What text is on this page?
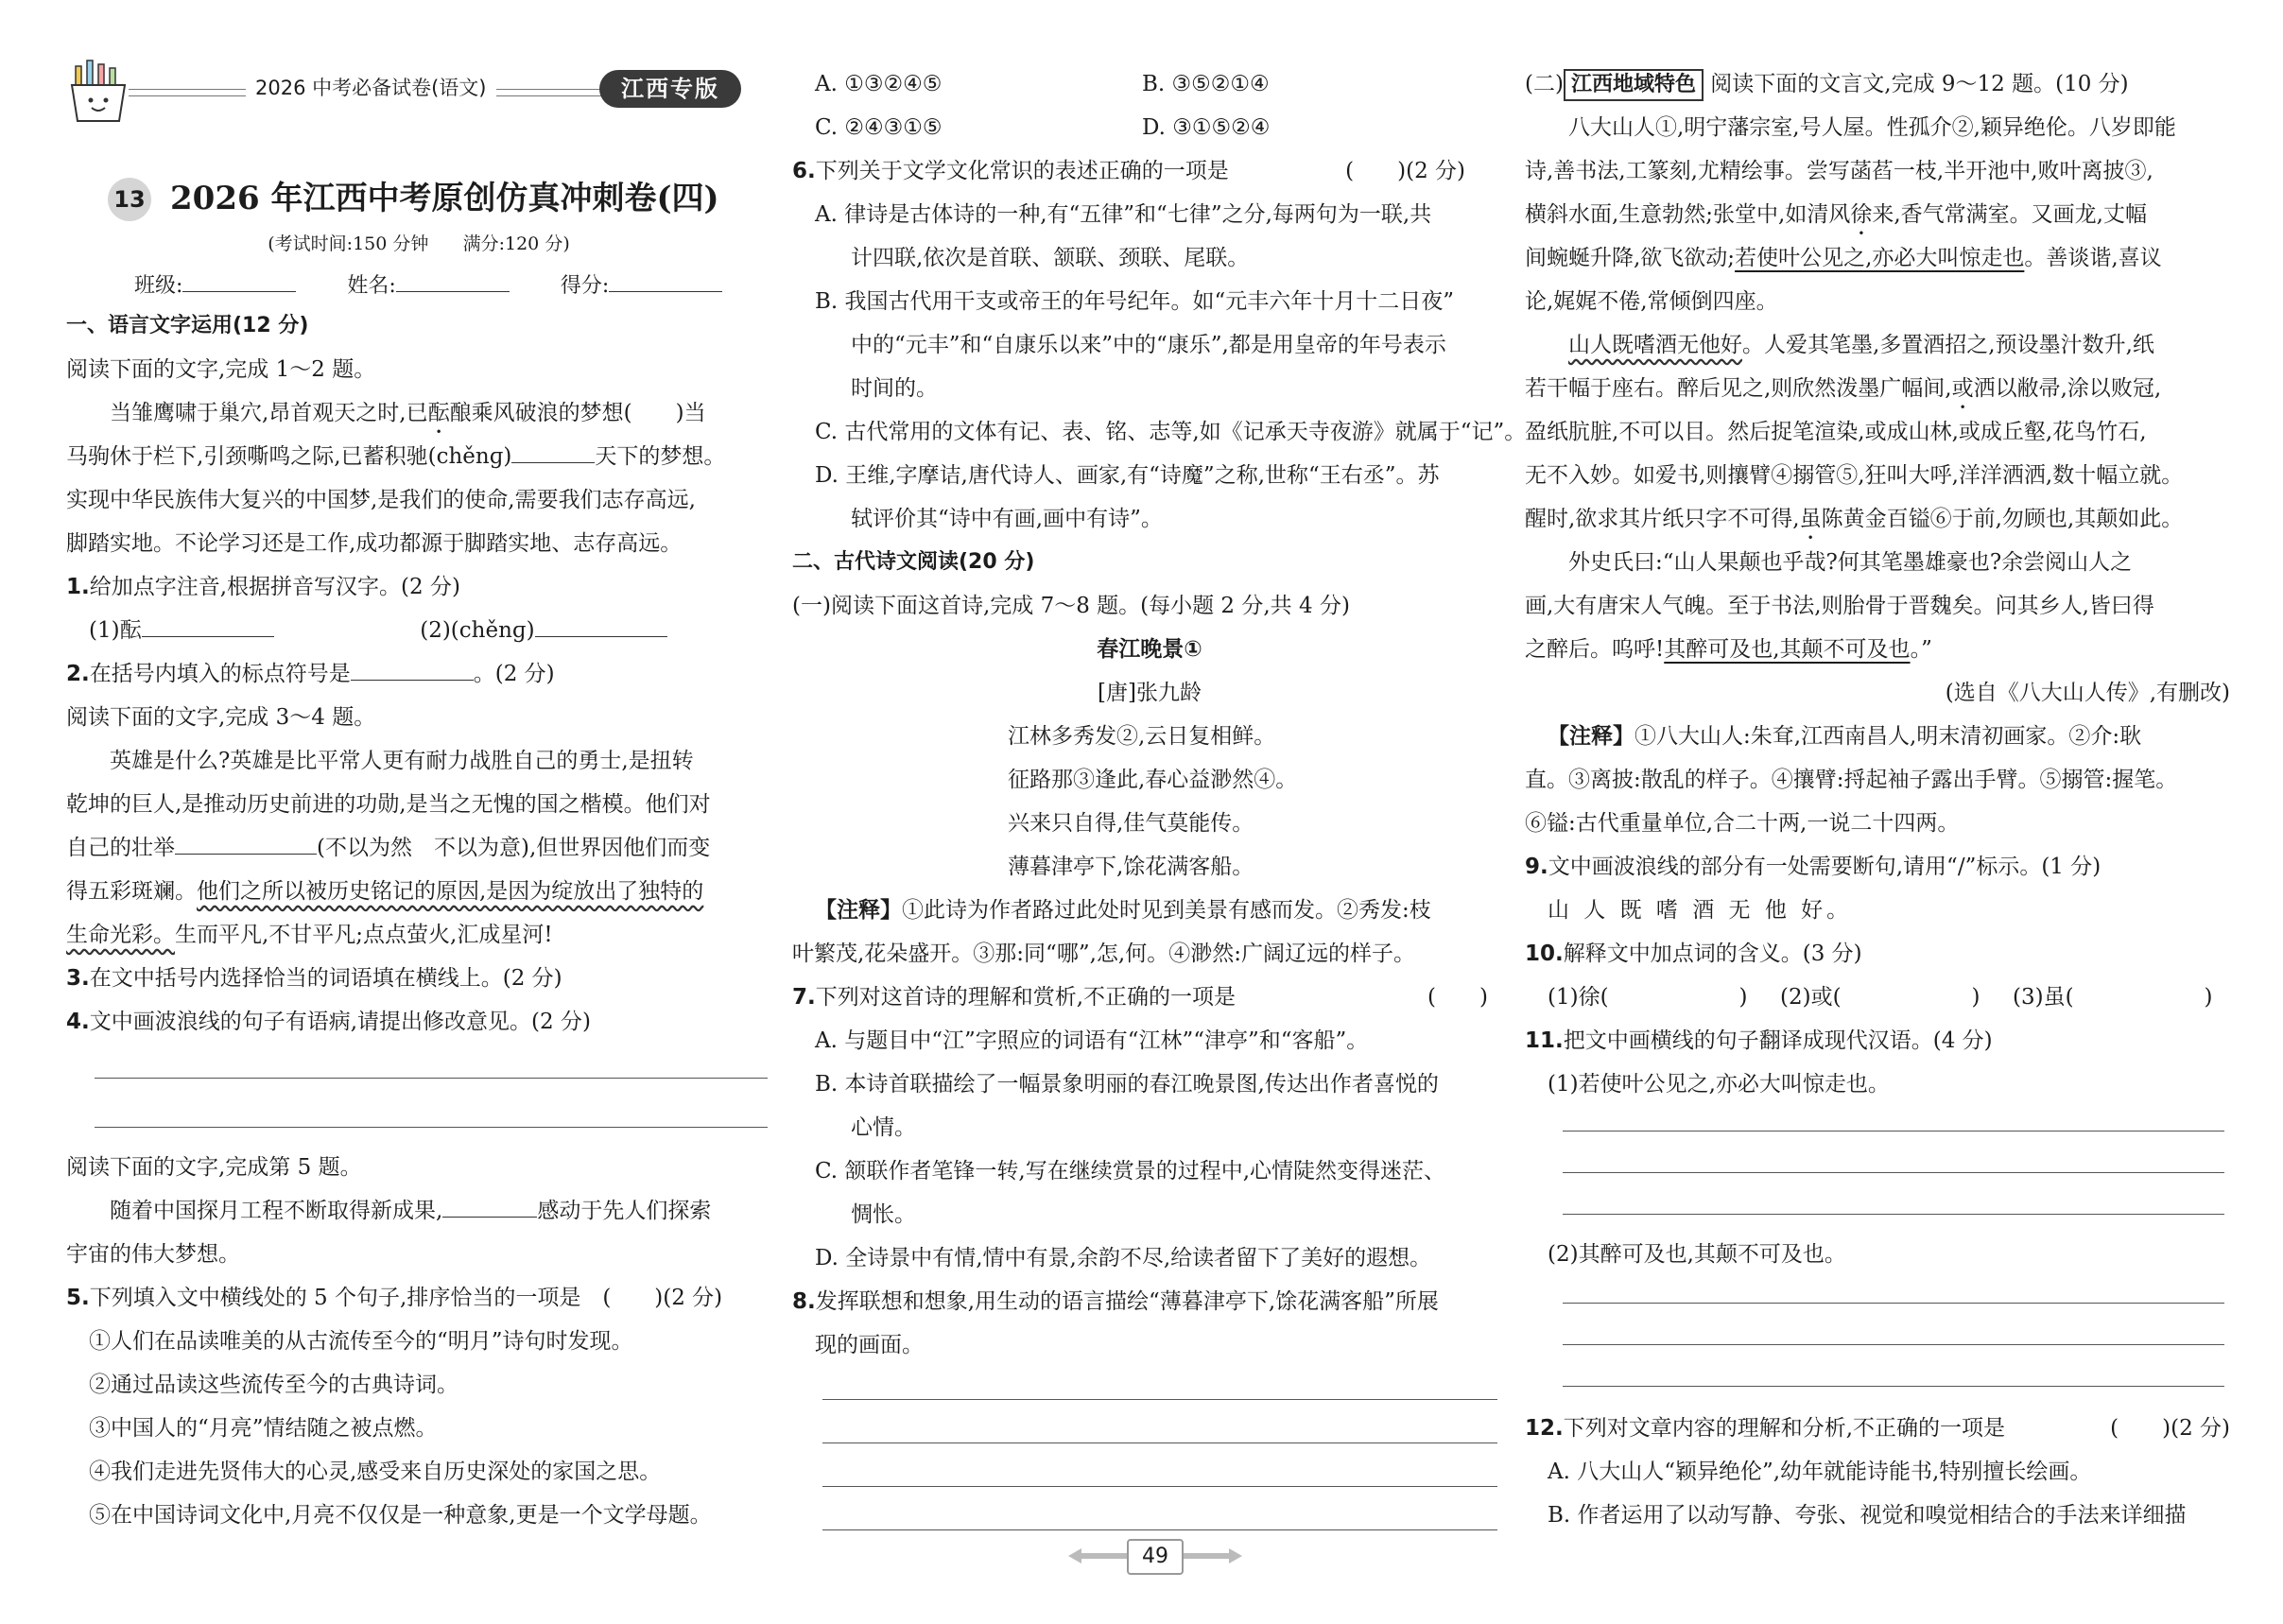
2026 中考必备试卷(语文)	江西专版
13 2026 年江西中考原创仿真冲刺卷(四)
(考试时间:150 分钟      满分:120 分)
班级:	姓名:	得分:
一、语言文字运用(12 分)
阅读下面的文字,完成 1～2 题。
当雏鹰啸于巢穴,昂首观天之时,已酝酿乘风破浪的梦想(　　)当
马驹休于栏下,引颈嘶鸣之际,已蓄积驰(chěnɡ)	天下的梦想。
实现中华民族伟大复兴的中国梦,是我们的使命,需要我们志存高远,
脚踏实地。不论学习还是工作,成功都源于脚踏实地、志存高远。
1.给加点字注音,根据拼音写汉字。(2 分)
(1)酝	(2)(chěnɡ)
2.在括号内填入的标点符号是	。(2 分)
阅读下面的文字,完成 3～4 题。
英雄是什么?英雄是比平常人更有耐力战胜自己的勇士,是扭转
乾坤的巨人,是推动历史前进的功勋,是当之无愧的国之楷模。他们对
自己的壮举	(不以为然　不以为意),但世界因他们而变
得五彩斑斓。他们之所以被历史铭记的原因,是因为绽放出了独特的
生命光彩。生而平凡,不甘平凡;点点萤火,汇成星河!
3.在文中括号内选择恰当的词语填在横线上。(2 分)
4.文中画波浪线的句子有语病,请提出修改意见。(2 分)
阅读下面的文字,完成第 5 题。
随着中国探月工程不断取得新成果,	感动于先人们探索
宇宙的伟大梦想。
5.下列填入文中横线处的 5 个句子,排序恰当的一项是　(　　)(2 分)
①人们在品读唯美的从古流传至今的“明月”诗句时发现。
②通过品读这些流传至今的古典诗词。
③中国人的“月亮”情结随之被点燃。
④我们走进先贤伟大的心灵,感受来自历史深处的家国之思。
⑤在中国诗词文化中,月亮不仅仅是一种意象,更是一个文学母题。
A. ①③②④⑤	B. ③⑤②①④
C. ②④③①⑤	D. ③①⑤②④
6.下列关于文学文化常识的表述正确的一项是	(　　)(2 分)
A. 律诗是古体诗的一种,有“五律”和“七律”之分,每两句为一联,共
计四联,依次是首联、颔联、颈联、尾联。
B. 我国古代用干支或帝王的年号纪年。如“元丰六年十月十二日夜”
中的“元丰”和“自康乐以来”中的“康乐”,都是用皇帝的年号表示
时间的。
C. 古代常用的文体有记、表、铭、志等,如《记承天寺夜游》就属于“记”。
D. 王维,字摩诘,唐代诗人、画家,有“诗魔”之称,世称“王右丞”。苏
轼评价其“诗中有画,画中有诗”。
二、古代诗文阅读(20 分)
(一)阅读下面这首诗,完成 7～8 题。(每小题 2 分,共 4 分)
春江晚景①
[唐]张九龄
江林多秀发②,云日复相鲜。
征路那③逢此,春心益渺然④。
兴来只自得,佳气莫能传。
薄暮津亭下,馀花满客船。
【注释】①此诗为作者路过此处时见到美景有感而发。②秀发:枝
叶繁茂,花朵盛开。③那:同“哪”,怎,何。④渺然:广阔辽远的样子。
7.下列对这首诗的理解和赏析,不正确的一项是	(　　)
A. 与题目中“江”字照应的词语有“江林”“津亭”和“客船”。
B. 本诗首联描绘了一幅景象明丽的春江晚景图,传达出作者喜悦的
心情。
C. 颔联作者笔锋一转,写在继续赏景的过程中,心情陡然变得迷茫、
惆怅。
D. 全诗景中有情,情中有景,余韵不尽,给读者留下了美好的遐想。
8.发挥联想和想象,用生动的语言描绘“薄暮津亭下,馀花满客船”所展
现的画面。
49
(二) 江西地域特色 阅读下面的文言文,完成 9～12 题。(10 分)
八大山人①,明宁藩宗室,号人屋。性孤介②,颖异绝伦。八岁即能
诗,善书法,工篆刻,尤精绘事。尝写菡萏一枝,半开池中,败叶离披③,
横斜水面,生意勃然;张堂中,如清风徐来,香气常满室。又画龙,丈幅
间蜿蜒升降,欲飞欲动;若使叶公见之,亦必大叫惊走也。善谈谐,喜议
论,娓娓不倦,常倾倒四座。
山人既嗜酒无他好。人爱其笔墨,多置酒招之,预设墨汁数升,纸
若干幅于座右。醉后见之,则欣然泼墨广幅间,或洒以敝帚,涂以败冠,
盈纸肮脏,不可以目。然后捉笔渲染,或成山林,或成丘壑,花鸟竹石,
无不入妙。如爱书,则攘臂④搦管⑤,狂叫大呼,洋洋洒洒,数十幅立就。
醒时,欲求其片纸只字不可得,虽陈黄金百镒⑥于前,勿顾也,其颠如此。
外史氏曰:“山人果颠也乎哉?何其笔墨雄豪也?余尝阅山人之
画,大有唐宋人气魄。至于书法,则胎骨于晋魏矣。问其乡人,皆曰得
之醉后。呜呼!其醉可及也,其颠不可及也。”
(选自《八大山人传》,有删改)
【注释】①八大山人:朱耷,江西南昌人,明末清初画家。②介:耿
直。③离披:散乱的样子。④攘臂:捋起袖子露出手臂。⑤搦管:握笔。
⑥镒:古代重量单位,合二十两,一说二十四两。
9.文中画波浪线的部分有一处需要断句,请用“/”标示。(1 分)
山 人 既 嗜 酒 无 他 好。
10.解释文中加点词的含义。(3 分)
(1)徐(　　　　　　) (2)或(　　　　　　) (3)虽(　　　　　　)
11.把文中画横线的句子翻译成现代汉语。(4 分)
(1)若使叶公见之,亦必大叫惊走也。
(2)其醉可及也,其颠不可及也。
12.下列对文章内容的理解和分析,不正确的一项是	(　　)(2 分)
A. 八大山人“颖异绝伦”,幼年就能诗能书,特别擅长绘画。
B. 作者运用了以动写静、夸张、视觉和嗅觉相结合的手法来详细描
